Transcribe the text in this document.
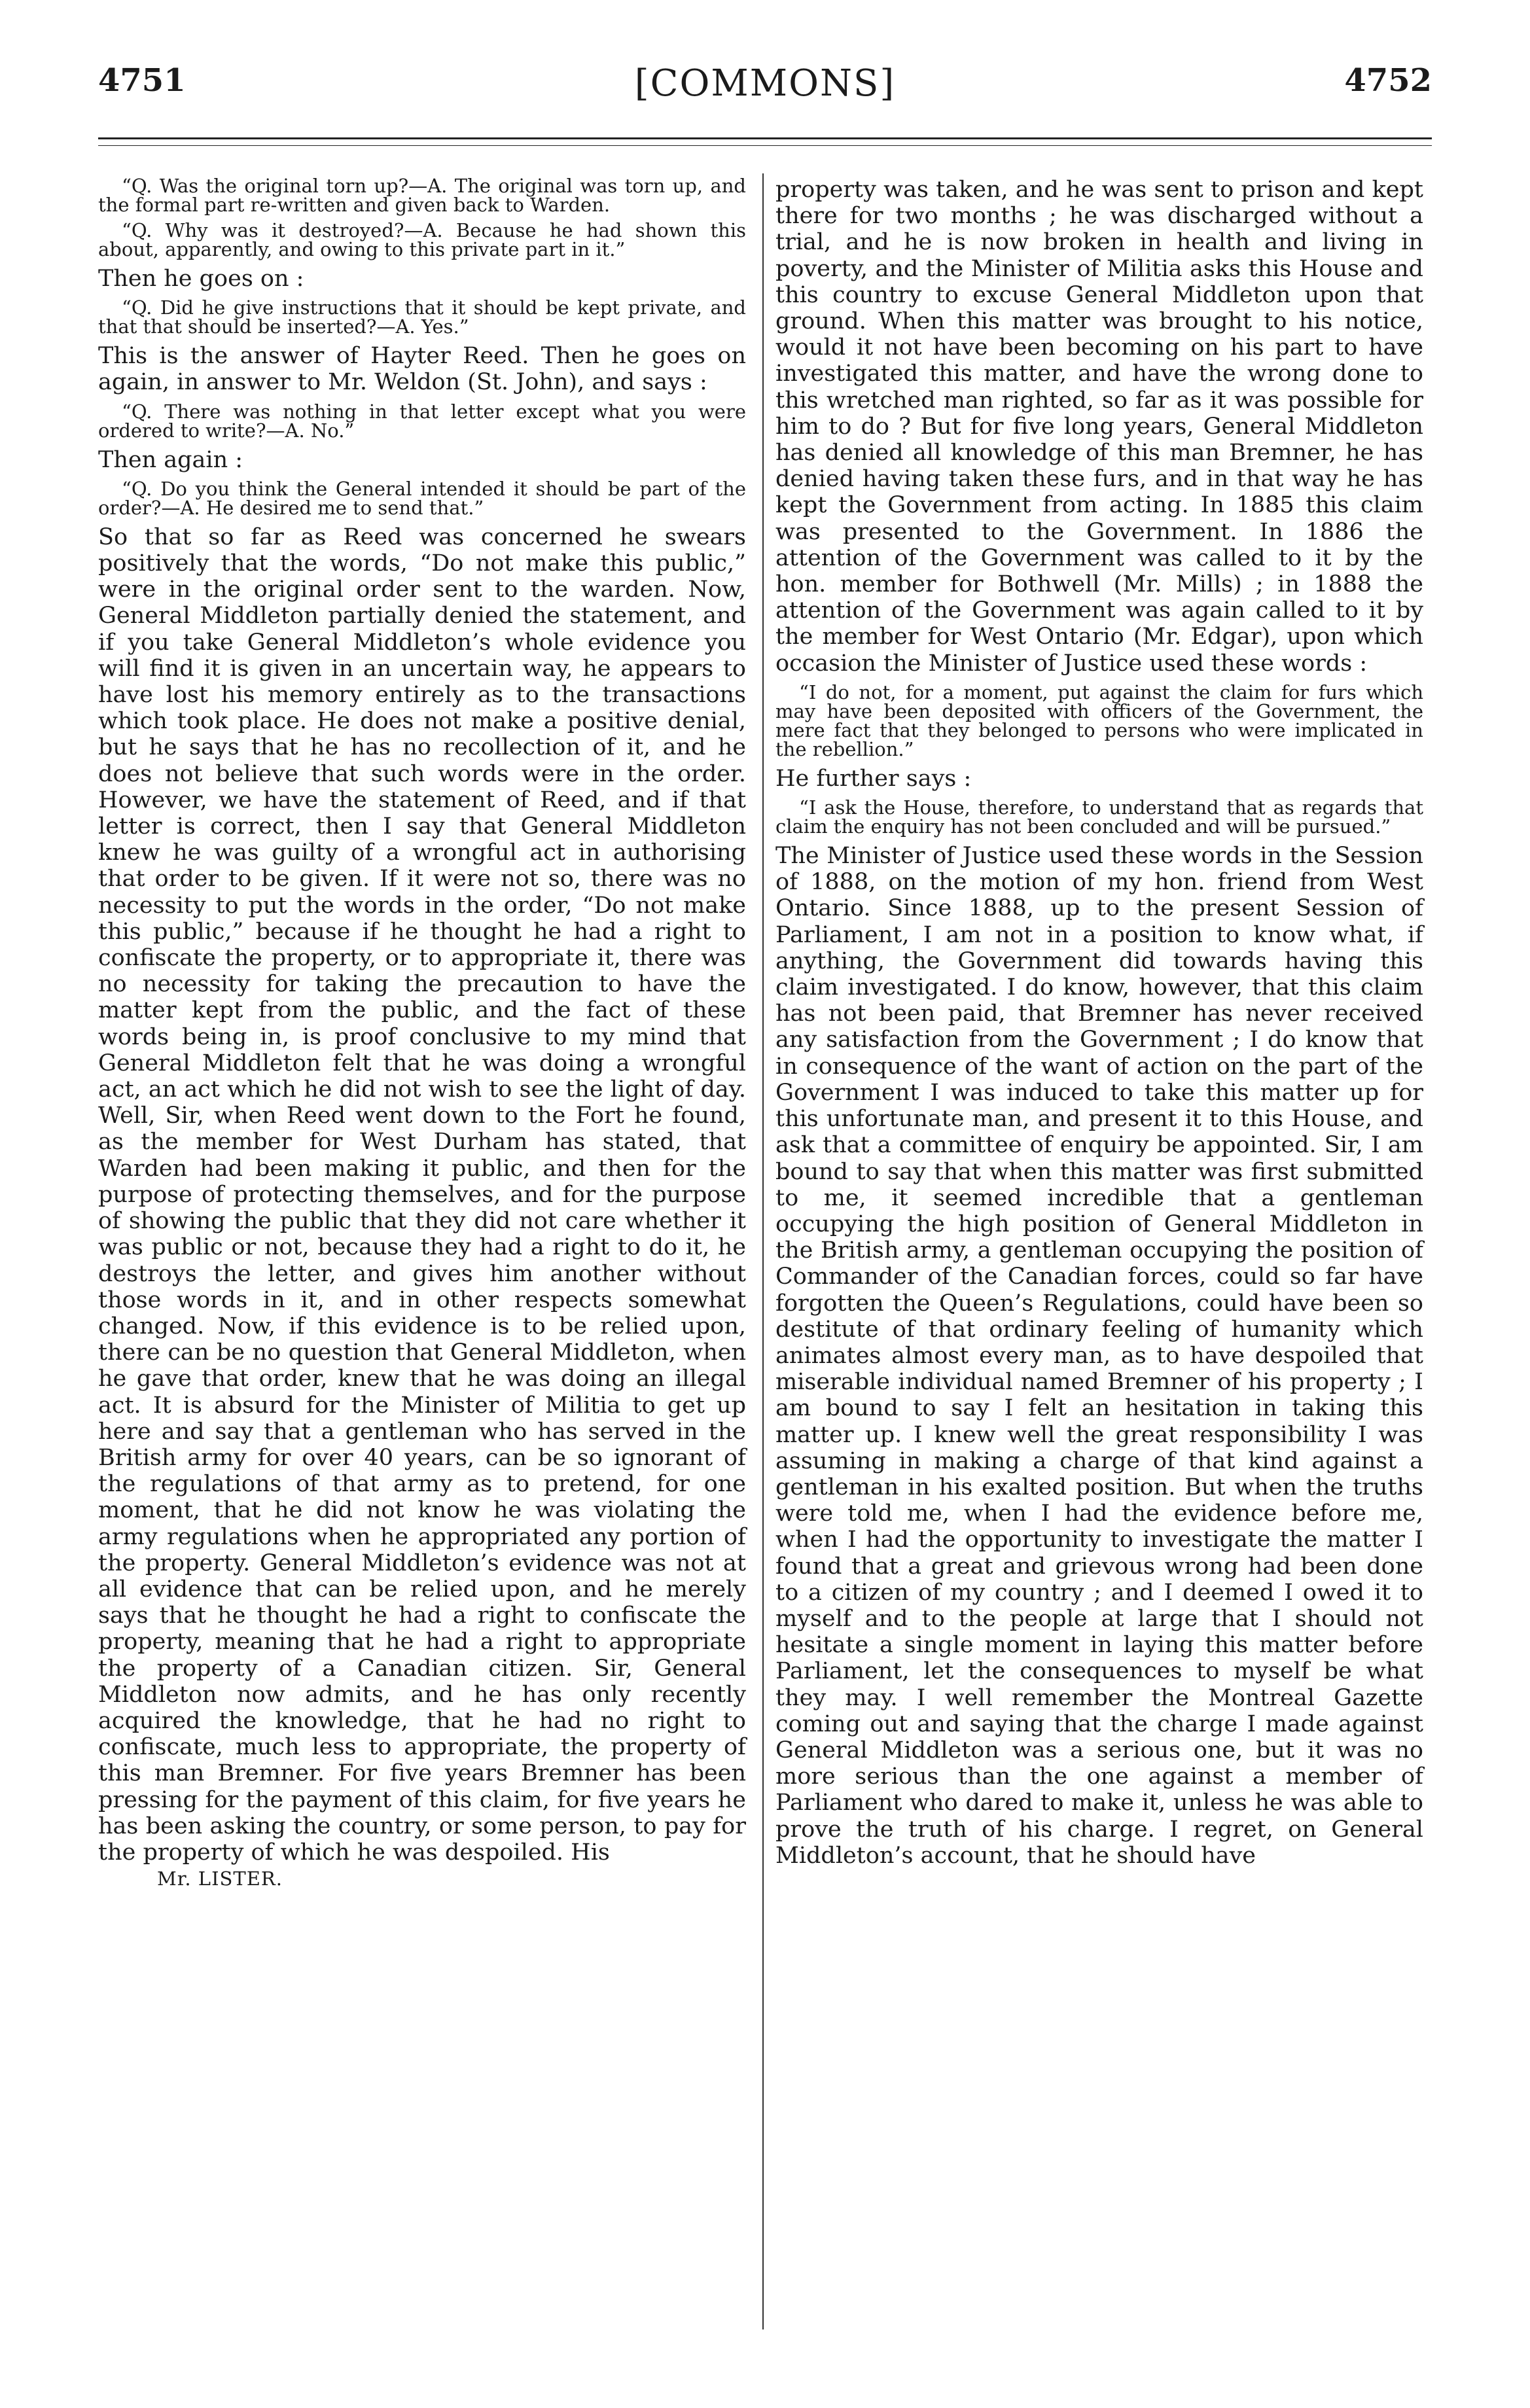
4751	[COMMONS]	4752

“Q. Was the original torn up?—A. The original was torn up, and the formal part re-written and given back to Warden.

“Q. Why was it destroyed?—A. Because he had shown this about, apparently, and owing to this private part in it.”

Then he goes on :

“Q. Did he give instructions that it should be kept private, and that that should be inserted?—A. Yes.”

This is the answer of Hayter Reed. Then he goes on again, in answer to Mr. Weldon (St. John), and says :

“Q. There was nothing in that letter except what you were ordered to write?—A. No.”

Then again :

“Q. Do you think the General intended it should be part of the order?—A. He desired me to send that.”

So that so far as Reed was concerned he swears positively that the words, “Do not make this public,” were in the original order sent to the warden. Now, General Middleton partially denied the statement, and if you take General Middleton’s whole evidence you will find it is given in an uncertain way, he appears to have lost his memory entirely as to the transactions which took place. He does not make a positive denial, but he says that he has no recollection of it, and he does not believe that such words were in the order. However, we have the statement of Reed, and if that letter is correct, then I say that General Middleton knew he was guilty of a wrongful act in authorising that order to be given. If it were not so, there was no necessity to put the words in the order, “Do not make this public,” because if he thought he had a right to confiscate the property, or to appropriate it, there was no necessity for taking the precaution to have the matter kept from the public, and the fact of these words being in, is proof conclusive to my mind that General Middleton felt that he was doing a wrongful act, an act which he did not wish to see the light of day. Well, Sir, when Reed went down to the Fort he found, as the member for West Durham has stated, that Warden had been making it public, and then for the purpose of protecting themselves, and for the purpose of showing the public that they did not care whether it was public or not, because they had a right to do it, he destroys the letter, and gives him another without those words in it, and in other respects somewhat changed. Now, if this evidence is to be relied upon, there can be no question that General Middleton, when he gave that order, knew that he was doing an illegal act. It is absurd for the Minister of Militia to get up here and say that a gentleman who has served in the British army for over 40 years, can be so ignorant of the regulations of that army as to pretend, for one moment, that he did not know he was violating the army regulations when he appropriated any portion of the property. General Middleton’s evidence was not at all evidence that can be relied upon, and he merely says that he thought he had a right to confiscate the property, meaning that he had a right to appropriate the property of a Canadian citizen. Sir, General Middleton now admits, and he has only recently acquired the knowledge, that he had no right to confiscate, much less to appropriate, the property of this man Bremner. For five years Bremner has been pressing for the payment of this claim, for five years he has been asking the country, or some person, to pay for the property of which he was despoiled. His

Mr. LISTER.

property was taken, and he was sent to prison and kept there for two months ; he was discharged without a trial, and he is now broken in health and living in poverty, and the Minister of Militia asks this House and this country to excuse General Middleton upon that ground. When this matter was brought to his notice, would it not have been becoming on his part to have investigated this matter, and have the wrong done to this wretched man righted, so far as it was possible for him to do ? But for five long years, General Middleton has denied all knowledge of this man Bremner, he has denied having taken these furs, and in that way he has kept the Government from acting. In 1885 this claim was presented to the Government. In 1886 the attention of the Government was called to it by the hon. member for Bothwell (Mr. Mills) ; in 1888 the attention of the Government was again called to it by the member for West Ontario (Mr. Edgar), upon which occasion the Minister of Justice used these words :

“I do not, for a moment, put against the claim for furs which may have been deposited with officers of the Government, the mere fact that they belonged to persons who were implicated in the rebellion.”

He further says :

“I ask the House, therefore, to understand that as regards that claim the enquiry has not been concluded and will be pursued.”

The Minister of Justice used these words in the Session of 1888, on the motion of my hon. friend from West Ontario. Since 1888, up to the present Session of Parliament, I am not in a position to know what, if anything, the Government did towards having this claim investigated. I do know, however, that this claim has not been paid, that Bremner has never received any satisfaction from the Government ; I do know that in consequence of the want of action on the part of the Government I was induced to take this matter up for this unfortunate man, and present it to this House, and ask that a committee of enquiry be appointed. Sir, I am bound to say that when this matter was first submitted to me, it seemed incredible that a gentleman occupying the high position of General Middleton in the British army, a gentleman occupying the position of Commander of the Canadian forces, could so far have forgotten the Queen’s Regulations, could have been so destitute of that ordinary feeling of humanity which animates almost every man, as to have despoiled that miserable individual named Bremner of his property ; I am bound to say I felt an hesitation in taking this matter up. I knew well the great responsibility I was assuming in making a charge of that kind against a gentleman in his exalted position. But when the truths were told me, when I had the evidence before me, when I had the opportunity to investigate the matter I found that a great and grievous wrong had been done to a citizen of my country ; and I deemed I owed it to myself and to the people at large that I should not hesitate a single moment in laying this matter before Parliament, let the consequences to myself be what they may. I well remember the Montreal Gazette coming out and saying that the charge I made against General Middleton was a serious one, but it was no more serious than the one against a member of Parliament who dared to make it, unless he was able to prove the truth of his charge. I regret, on General Middleton’s account, that he should have
